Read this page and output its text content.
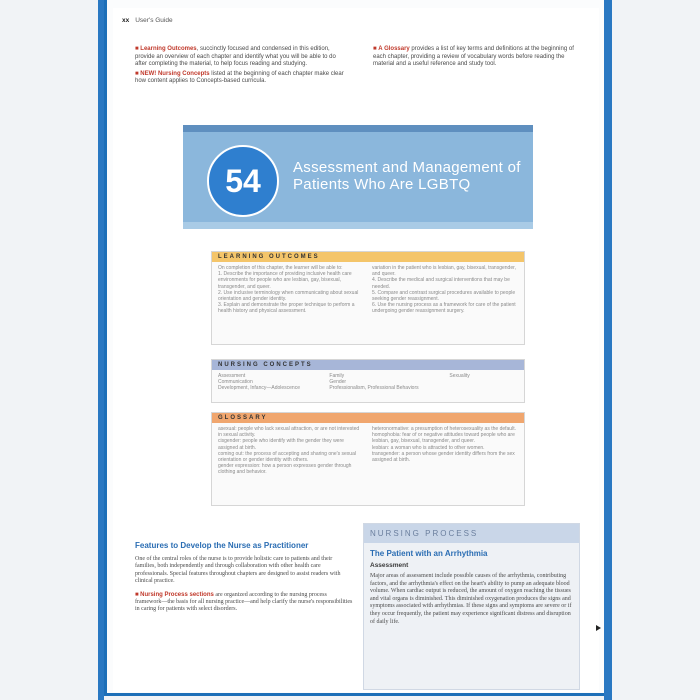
xx User's Guide
■ Learning Outcomes, succinctly focused and condensed in this edition, provide an overview of each chapter and identify what you will be able to do after completing the material, to help focus reading and studying.
■ NEW! Nursing Concepts listed at the beginning of each chapter make clear how content applies to Concepts-based curricula.
■ A Glossary provides a list of key terms and definitions at the beginning of each chapter, providing a review of vocabulary words before reading the material and a useful reference and study tool.
54	Assessment and Management of Patients Who Are LGBTQ
LEARNING OUTCOMES
On completion of this chapter, the learner will be able to:
1. Describe the importance of providing inclusive health care environments for people who are lesbian, gay, bisexual, transgender, and queer.
2. Use inclusive terminology when communicating about sexual orientation and gender identity.
3. Explain and demonstrate the proper technique to perform a health history and physical assessment.
variation in the patient who is lesbian, gay, bisexual, transgender, and queer.
4. Describe the medical and surgical interventions that may be needed.
5. Compare and contrast surgical procedures available to people seeking gender reassignment.
6. Use the nursing process as a framework for care of the patient undergoing gender reassignment surgery.
NURSING CONCEPTS
Assessment	Family	Sexuality
Communication	Gender
Development, Infancy—Adolescence	Professionalism, Professional Behaviors
GLOSSARY
asexual: people who lack sexual attraction, or are not interested in sexual activity.
cisgender: people who identify with the gender they were assigned at birth.
coming out: the process of accepting and sharing one's sexual orientation or gender identity with others.
gender expression: how a person expresses gender through clothing and behavior.
heteronormative: a presumption of heterosexuality as the default.
homophobia: fear of or negative attitudes toward people who are lesbian, gay, bisexual, transgender, and queer.
lesbian: a woman who is attracted to other women.
transgender: a person whose gender identity differs from the sex assigned at birth.
Features to Develop the Nurse as Practitioner

One of the central roles of the nurse is to provide holistic care to patients and their families, both independently and through collaboration with other health care professionals. Special features throughout chapters are designed to assist readers with clinical practice.

■ Nursing Process sections are organized according to the nursing process framework—the basis for all nursing practice—and help clarify the nurse's responsibilities in caring for patients with select disorders.
NURSING PROCESS
The Patient with an Arrhythmia
Assessment
Major areas of assessment include possible causes of the arrhythmia, contributing factors, and the arrhythmia's effect on the heart's ability to pump an adequate blood volume. When cardiac output is reduced, the amount of oxygen reaching the tissues and vital organs is diminished. This diminished oxygenation produces the signs and symptoms associated with arrhythmias. If these signs and symptoms are severe or if they occur frequently, the patient may experience significant distress and disruption of daily life.
